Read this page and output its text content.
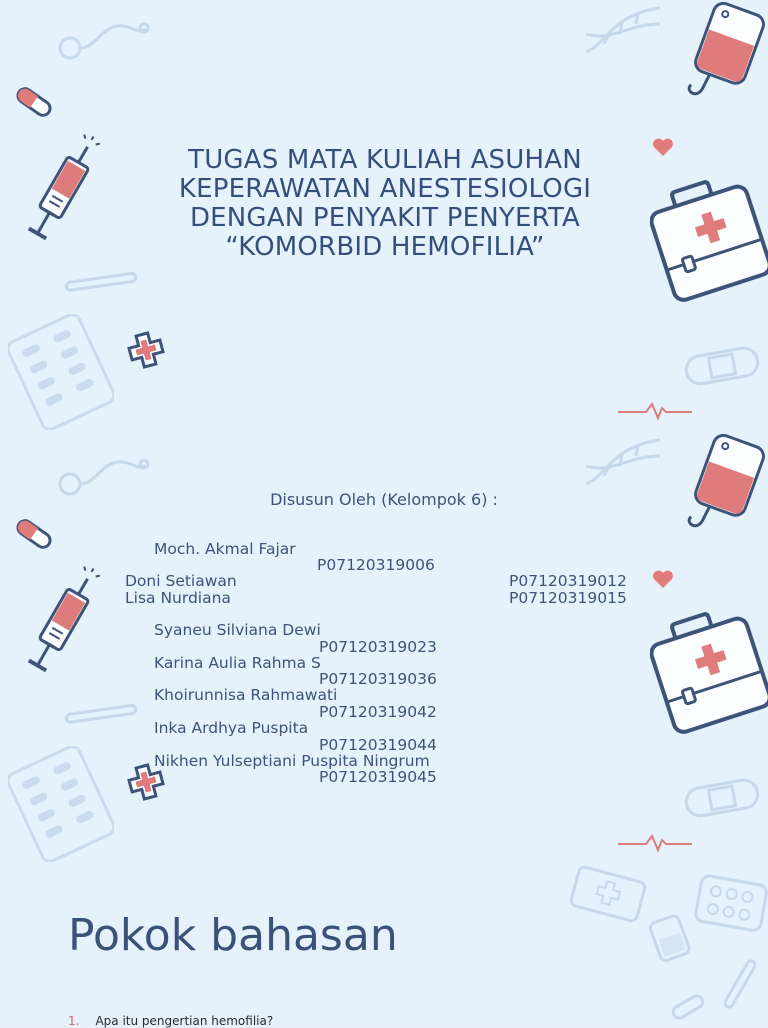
TUGAS MATA KULIAH ASUHAN
KEPERAWATAN ANESTESIOLOGI
DENGAN PENYAKIT PENYERTA
“KOMORBID HEMOFILIA”
Disusun Oleh (Kelompok 6) :
Moch. Akmal Fajar
P07120319006
Doni Setiawan	P07120319012
Lisa Nurdiana	P07120319015
Syaneu Silviana Dewi
P07120319023
Karina Aulia Rahma S
P07120319036
Khoirunnisa Rahmawati
P07120319042
Inka Ardhya Puspita
P07120319044
Nikhen Yulseptiani Puspita Ningrum
P07120319045
Pokok bahasan
1. Apa itu pengertian hemofilia?
